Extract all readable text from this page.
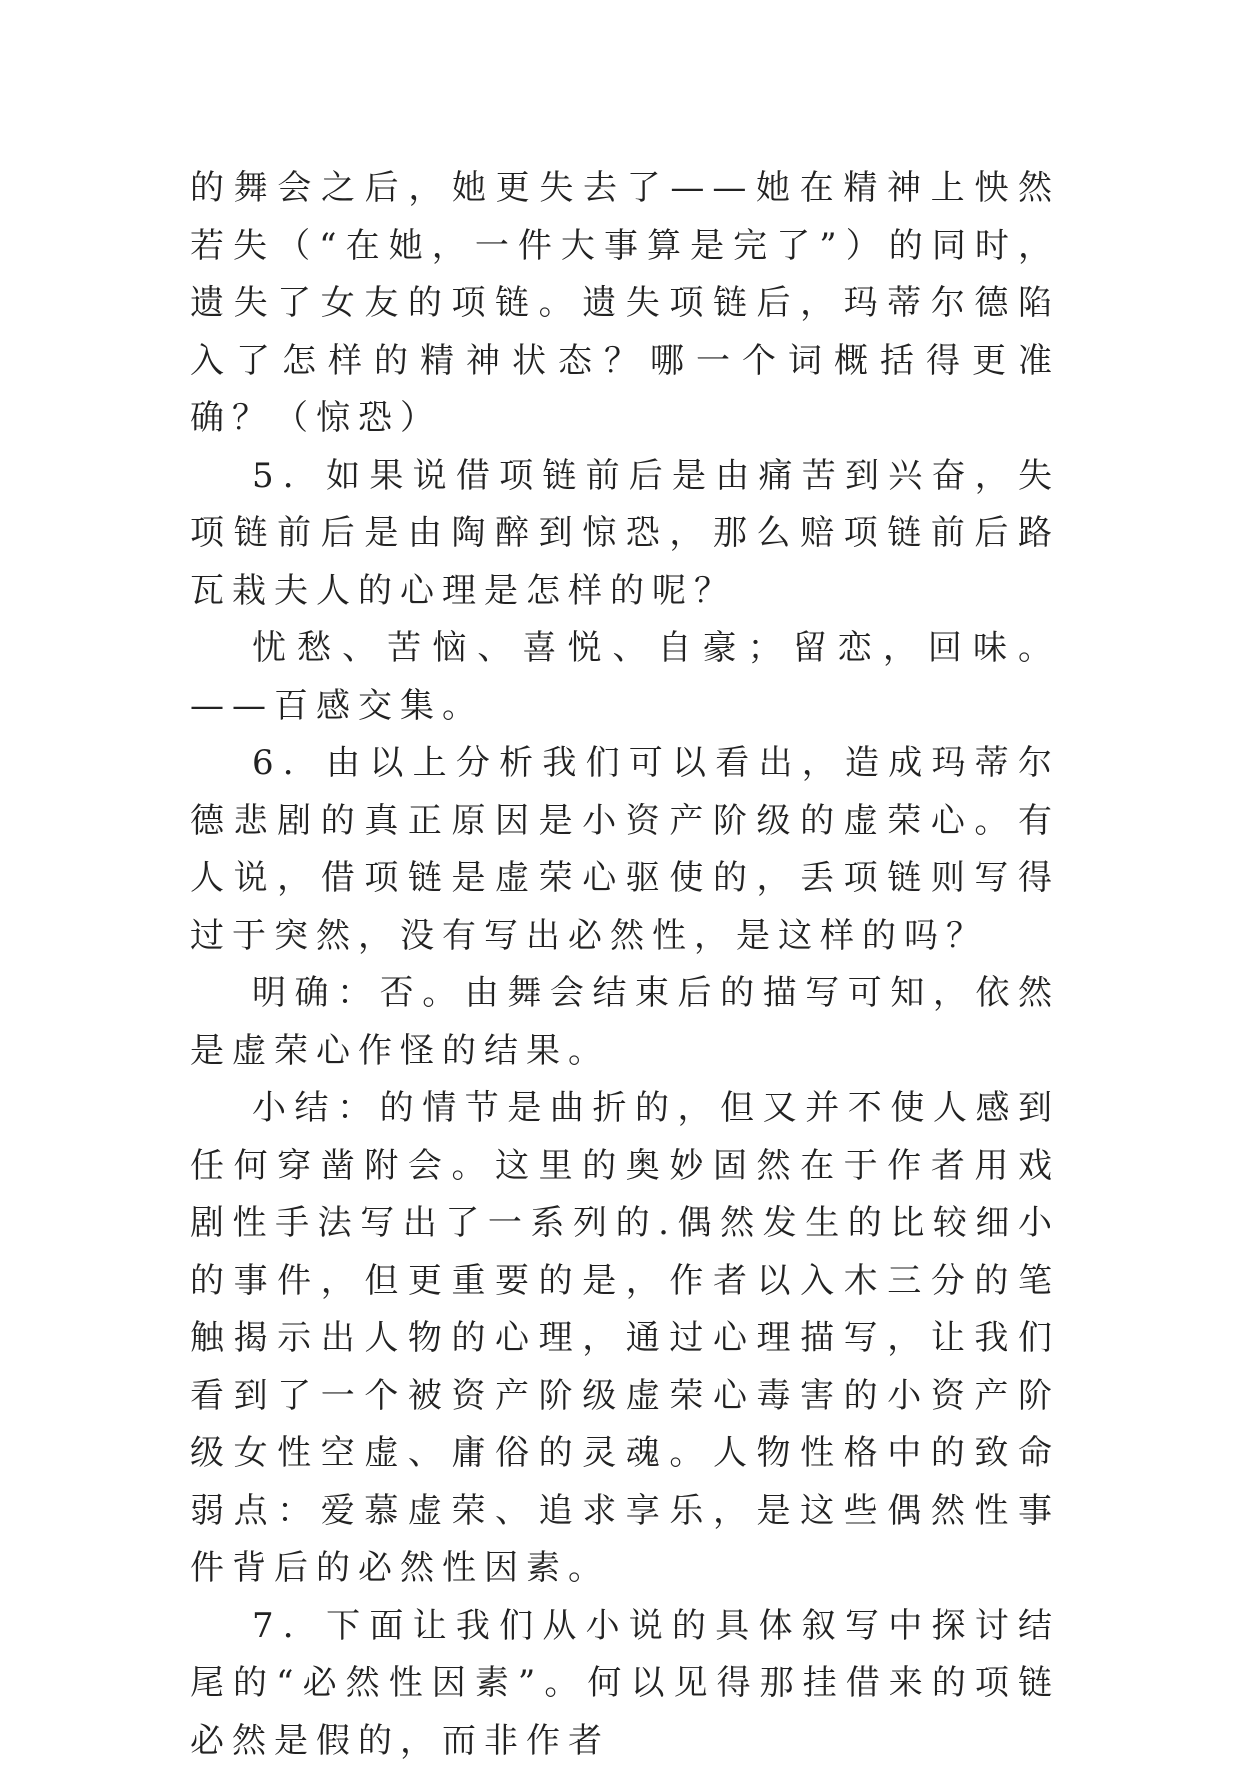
的舞会之后，她更失去了——她在精神上怏然若失（“在她，一件大事算是完了”）的同时，遗失了女友的项链。遗失项链后，玛蒂尔德陷入了怎样的精神状态？哪一个词概括得更准确？（惊恐）

5．如果说借项链前后是由痛苦到兴奋，失项链前后是由陶醉到惊恐，那么赔项链前后路瓦栽夫人的心理是怎样的呢？

忧愁、苦恼、喜悦、自豪；留恋，回味。——百感交集。

6．由以上分析我们可以看出，造成玛蒂尔德悲剧的真正原因是小资产阶级的虚荣心。有人说，借项链是虚荣心驱使的，丢项链则写得过于突然，没有写出必然性，是这样的吗？

明确：否。由舞会结束后的描写可知，依然是虚荣心作怪的结果。

小结：的情节是曲折的，但又并不使人感到任何穿凿附会。这里的奥妙固然在于作者用戏剧性手法写出了一系列的.偶然发生的比较细小的事件，但更重要的是，作者以入木三分的笔触揭示出人物的心理，通过心理描写，让我们看到了一个被资产阶级虚荣心毒害的小资产阶级女性空虚、庸俗的灵魂。人物性格中的致命弱点：爱慕虚荣、追求享乐，是这些偶然性事件背后的必然性因素。

7．下面让我们从小说的具体叙写中探讨结尾的“必然性因素”。何以见得那挂借来的项链必然是假的，而非作者
